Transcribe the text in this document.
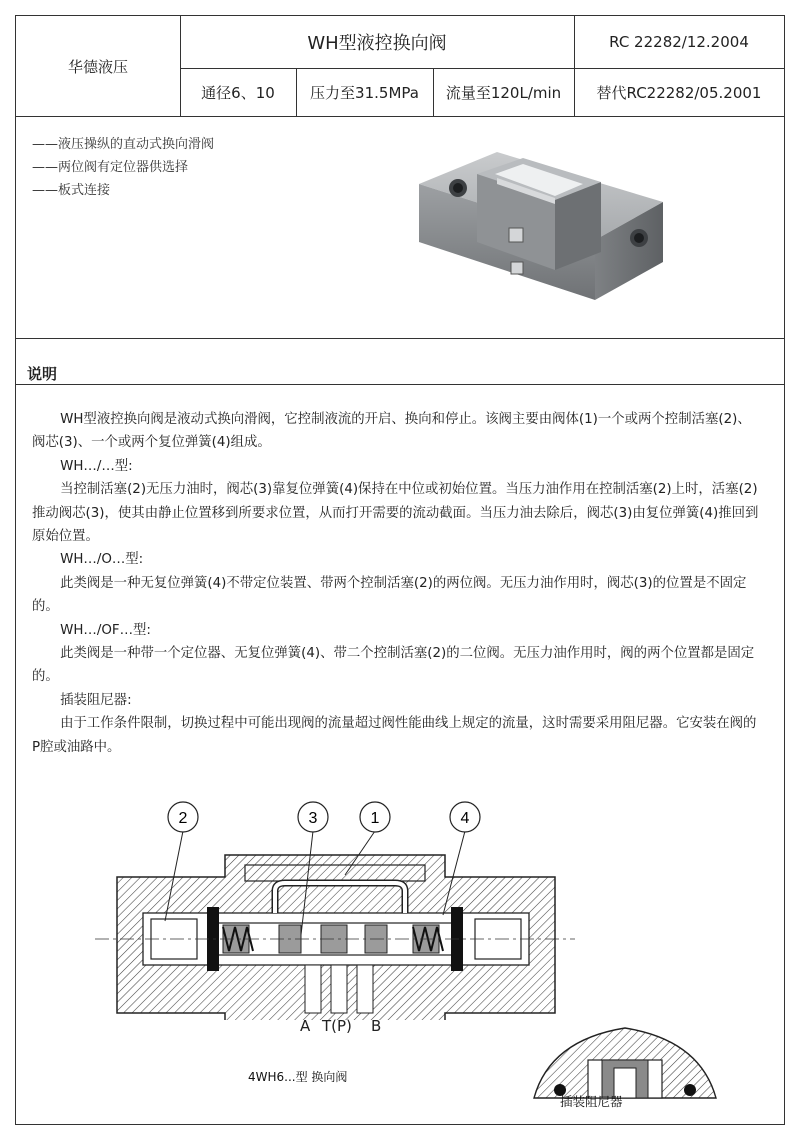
华德液压
WH型液控换向阀	RC 22282/12.2004
通径6、10	压力至31.5MPa	流量至120L/min	替代RC22282/05.2001
——液压操纵的直动式换向滑阀
——两位阀有定位器供选择
——板式连接
说明

WH型液控换向阀是液动式换向滑阀，它控制液流的开启、换向和停止。该阀主要由阀体(1)一个或两个控制活塞(2)、阀芯(3)、一个或两个复位弹簧(4)组成。

WH…/…型:

当控制活塞(2)无压力油时，阀芯(3)靠复位弹簧(4)保持在中位或初始位置。当压力油作用在控制活塞(2)上时，活塞(2)推动阀芯(3)，使其由静止位置移到所要求位置，从而打开需要的流动截面。当压力油去除后，阀芯(3)由复位弹簧(4)推回到原始位置。

WH…/O…型:

此类阀是一种无复位弹簧(4)不带定位装置、带两个控制活塞(2)的两位阀。无压力油作用时，阀芯(3)的位置是不固定的。

WH…/OF…型:

此类阀是一种带一个定位器、无复位弹簧(4)、带二个控制活塞(2)的二位阀。无压力油作用时，阀的两个位置都是固定的。

插装阻尼器:

由于工作条件限制，切换过程中可能出现阀的流量超过阀性能曲线上规定的流量，这时需要采用阻尼器。它安装在阀的P腔或油路中。

2	3	1	4
A T(P) B
4WH6...型 换向阀
插装阻尼器
